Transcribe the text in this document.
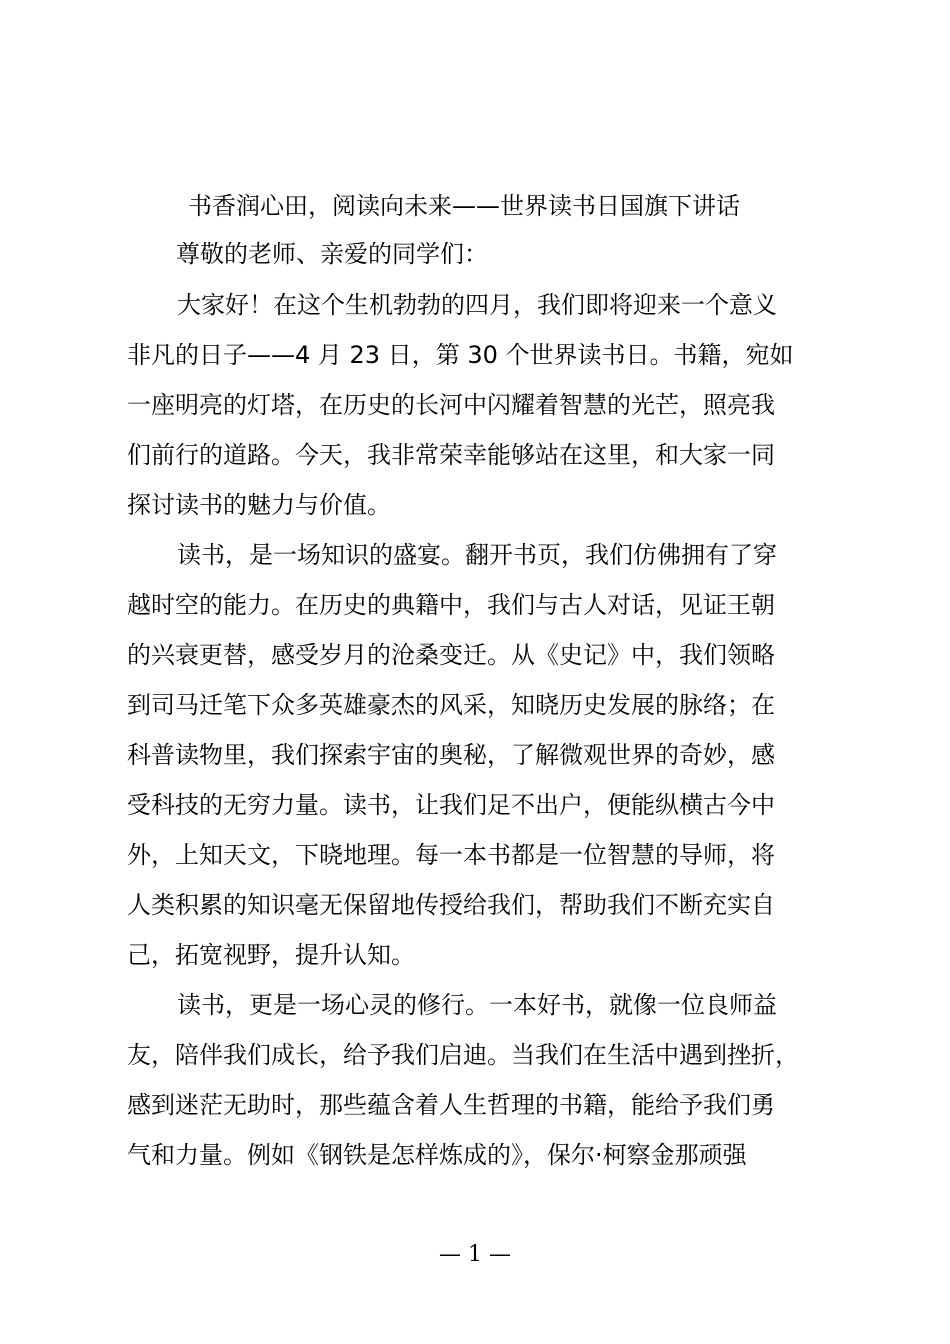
书香润心田，阅读向未来——世界读书日国旗下讲话
尊敬的老师、亲爱的同学们：
大家好！在这个生机勃勃的四月，我们即将迎来一个意义
非凡的日子——4 月 23 日，第 30 个世界读书日。书籍，宛如
一座明亮的灯塔，在历史的长河中闪耀着智慧的光芒，照亮我
们前行的道路。今天，我非常荣幸能够站在这里，和大家一同
探讨读书的魅力与价值。
读书，是一场知识的盛宴。翻开书页，我们仿佛拥有了穿
越时空的能力。在历史的典籍中，我们与古人对话，见证王朝
的兴衰更替，感受岁月的沧桑变迁。从《史记》中，我们领略
到司马迁笔下众多英雄豪杰的风采，知晓历史发展的脉络；在
科普读物里，我们探索宇宙的奥秘，了解微观世界的奇妙，感
受科技的无穷力量。读书，让我们足不出户，便能纵横古今中
外，上知天文，下晓地理。每一本书都是一位智慧的导师，将
人类积累的知识毫无保留地传授给我们，帮助我们不断充实自
己，拓宽视野，提升认知。
读书，更是一场心灵的修行。一本好书，就像一位良师益
友，陪伴我们成长，给予我们启迪。当我们在生活中遇到挫折，
感到迷茫无助时，那些蕴含着人生哲理的书籍，能给予我们勇
气和力量。例如《钢铁是怎样炼成的》，保尔·柯察金那顽强
— 1 —
